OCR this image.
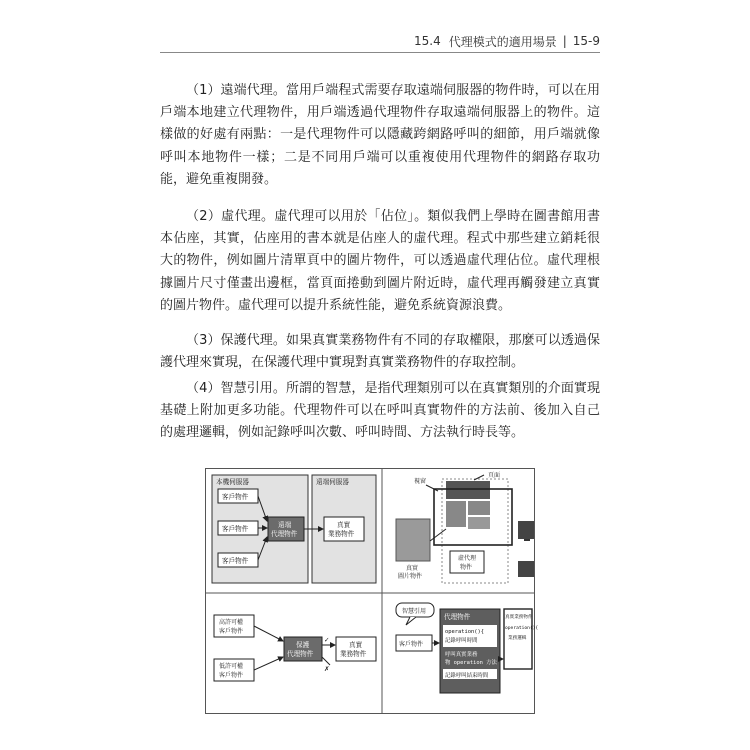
15.4 代理模式的適用場景 | 15-9

（1）遠端代理。當用戶端程式需要存取遠端伺服器的物件時，可以在用戶端本地建立代理物件，用戶端透過代理物件存取遠端伺服器上的物件。這樣做的好處有兩點：一是代理物件可以隱藏跨網路呼叫的細節，用戶端就像呼叫本地物件一樣；二是不同用戶端可以重複使用代理物件的網路存取功能，避免重複開發。

（2）虛代理。虛代理可以用於「佔位」。類似我們上學時在圖書館用書本佔座，其實，佔座用的書本就是佔座人的虛代理。程式中那些建立銷耗很大的物件，例如圖片清單頁中的圖片物件，可以透過虛代理佔位。虛代理根據圖片尺寸僅畫出邊框，當頁面捲動到圖片附近時，虛代理再觸發建立真實的圖片物件。虛代理可以提升系統性能，避免系統資源浪費。

（3）保護代理。如果真實業務物件有不同的存取權限，那麼可以透過保護代理來實現，在保護代理中實現對真實業務物件的存取控制。

（4）智慧引用。所謂的智慧，是指代理類別可以在真實類別的介面實現基礎上附加更多功能。代理物件可以在呼叫真實物件的方法前、後加入自己的處理邏輯，例如記錄呼叫次數、呼叫時間、方法執行時長等。

本機伺服器	遠端伺服器
客戶物件
客戶物件
客戶物件
遠端
代理物件
真實
業務物件
頁面
視窗
真實
圖片物件
虛代理
物件
高許可權
客戶物件
低許可權
客戶物件
保護
代理物件
真實
業務物件
✓
✗
智慧引用
客戶物件
代理物件
operation(){
記錄呼叫時間
呼叫真實業務
物 operation 方法
記錄呼叫結束時間
真實業務物件
operation(){
業務邏輯
